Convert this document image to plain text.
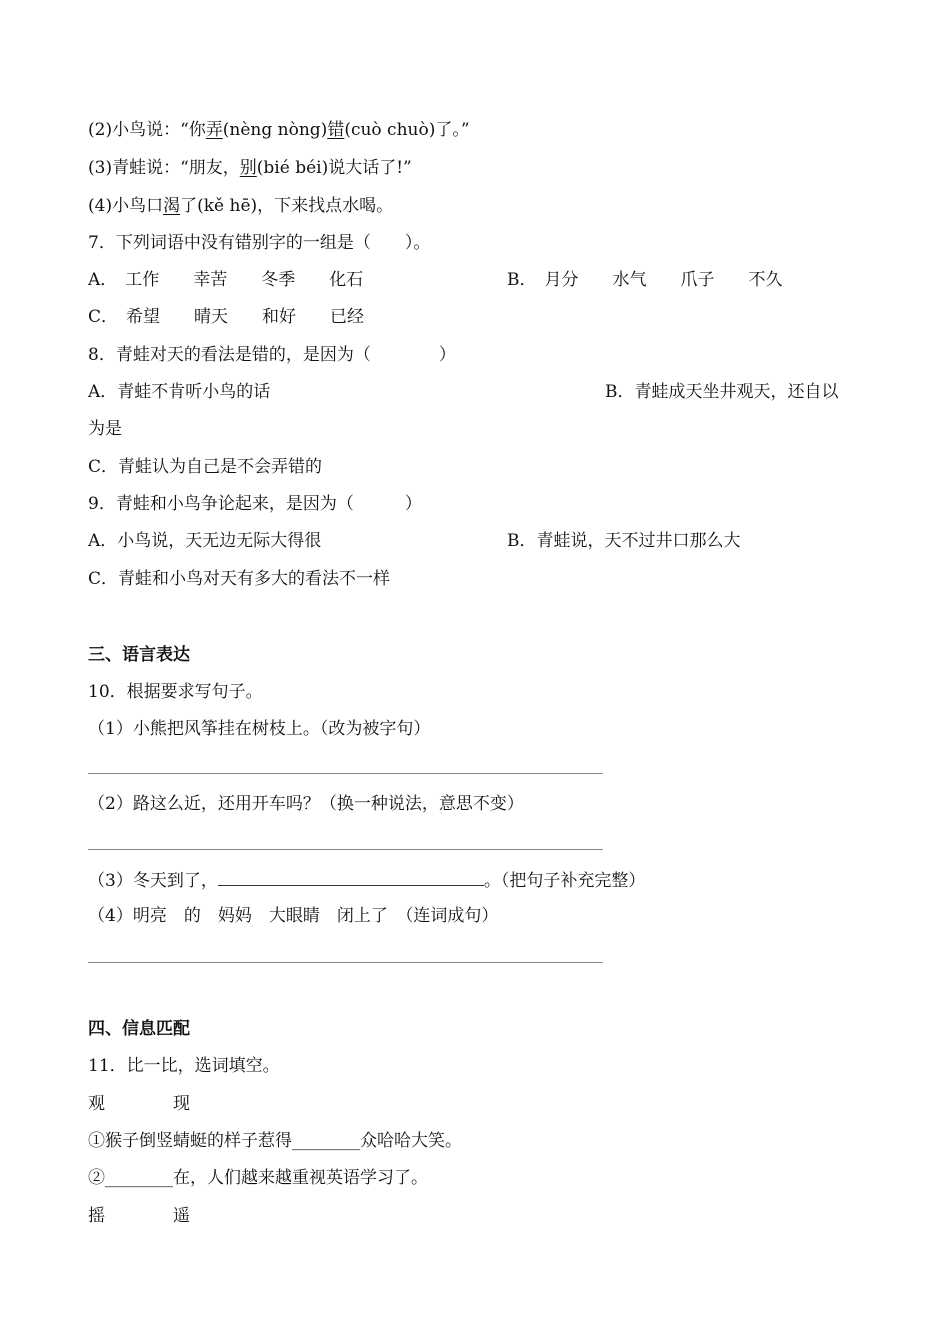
(2)小鸟说：“你弄(nèng nòng)错(cuò chuò)了。”
(3)青蛙说：“朋友，别(bié béi)说大话了!”
(4)小鸟口渴了(kě hē)，下来找点水喝。
7．下列词语中没有错别字的一组是（　　）。
A． 工作 幸苦 冬季 化石	B． 月分 水气 爪子 不久
C． 希望 晴天 和好 已经
8．青蛙对天的看法是错的，是因为（　　　　）
A．青蛙不肯听小鸟的话	B．青蛙成天坐井观天，还自以
为是
C．青蛙认为自己是不会弄错的
9．青蛙和小鸟争论起来，是因为（　　　）
A．小鸟说，天无边无际大得很	B．青蛙说，天不过井口那么大
C．青蛙和小鸟对天有多大的看法不一样
三、语言表达
10．根据要求写句子。
（1）小熊把风筝挂在树枝上。（改为被字句）
（2）路这么近，还用开车吗？（换一种说法，意思不变）
（3）冬天到了，	。（把句子补充完整）
（4）明亮　的　妈妈　大眼睛　闭上了　（连词成句）
四、信息匹配
11．比一比，选词填空。
观	现
①猴子倒竖蜻蜓的样子惹得________众哈哈大笑。
②________在，人们越来越重视英语学习了。
摇	遥
